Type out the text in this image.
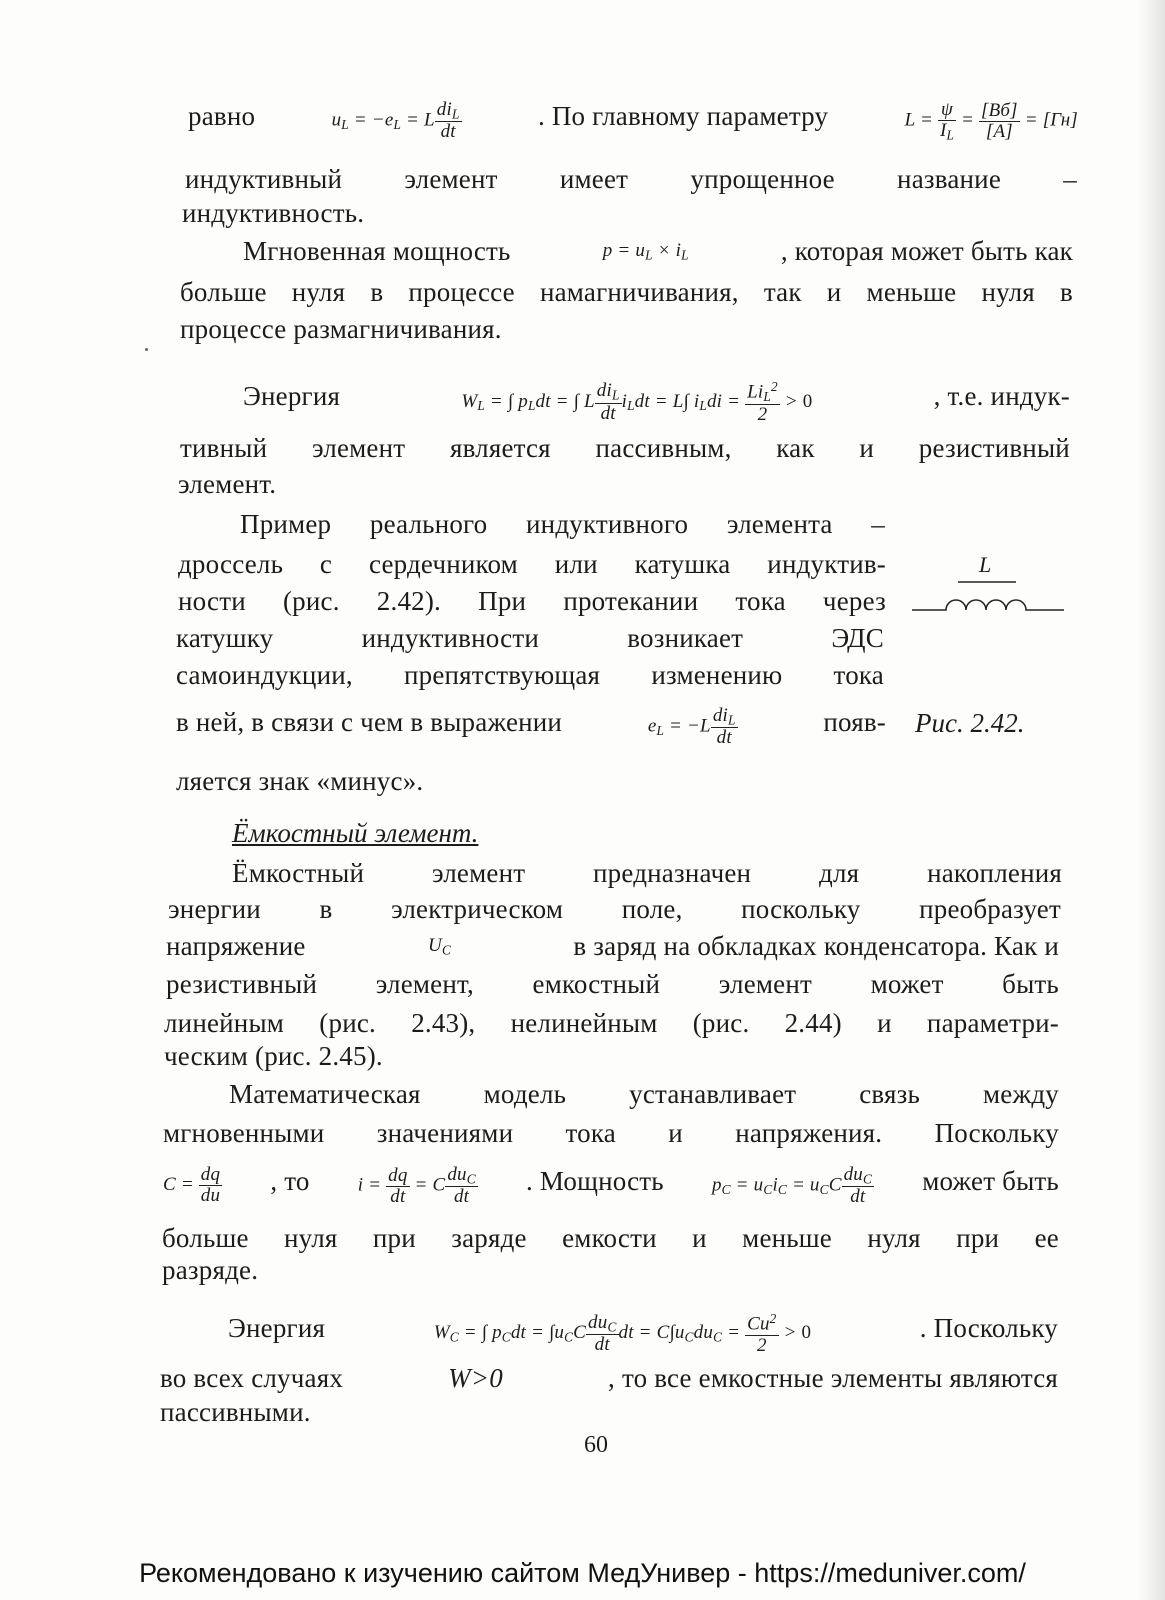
равно	$u_L = -e_L = L \frac{di_L}{dt}$	. По главному параметру	$L = \frac{\psi}{I_L} = \frac{[Вб]}{[A]} = [Гн]$
индуктивный элемент имеет упрощенное название –
индуктивность.
Мгновенная мощность	$p = u_L \times i_L$	, которая может быть как
больше нуля в процессе намагничивания, так и меньше нуля в
процессе размагничивания.
Энергия	$W_L$ = ∫ $p_Ldt$ = ∫ L $\frac{di_L}{dt} i_Ldt = L\int$ $i_Ldi = \frac{Li_L^2}{2} > 0$	, т.е. индук-
тивный элемент является пассивным, как и резистивный
элемент.
Пример реального индуктивного элемента –
дроссель с сердечником или катушка индуктив-
ности (рис. 2.42). При протекании тока через
катушку	индуктивности	возникает	ЭДС
самоиндукции, препятствующая изменению тока
в ней, в связи с чем в выражении	$e_L = -L \frac{di_L}{dt}$	появ-
ляется знак «минус».
L
Рис. 2.42.
Ёмкостный элемент.
Ёмкостный	элемент	предназначен	для	накопления
энергии в электрическом поле, поскольку преобразует
напряжение	$U_C$	в заряд на обкладках конденсатора. Как и
резистивный элемент, емкостный элемент может быть
линейным (рис. 2.43), нелинейным (рис. 2.44) и параметри-
ческим (рис. 2.45).
Математическая модель устанавливает связь между
мгновенными значениями тока и напряжения. Поскольку
$C = \frac{dq}{du}$ , то	$i = \frac{dq}{dt} = C \frac{du_C}{dt}$ . Мощность	$p_C = u_Ci_C = u_CC \frac{du_C}{dt}$ может быть
больше нуля при заряде емкости и меньше нуля при ее
разряде.
Энергия	$W_C$ = ∫ $p_Cdt = \int u_CC \frac{du_C}{dt}$ dt = $C\int u_Cdu_C = \frac{Cu^2}{2} > 0$	. Поскольку
во всех случаях	W>0	, то все емкостные элементы являются
пассивными.
60
Рекомендовано к изучению сайтом МедУнивер - https://meduniver.com/
